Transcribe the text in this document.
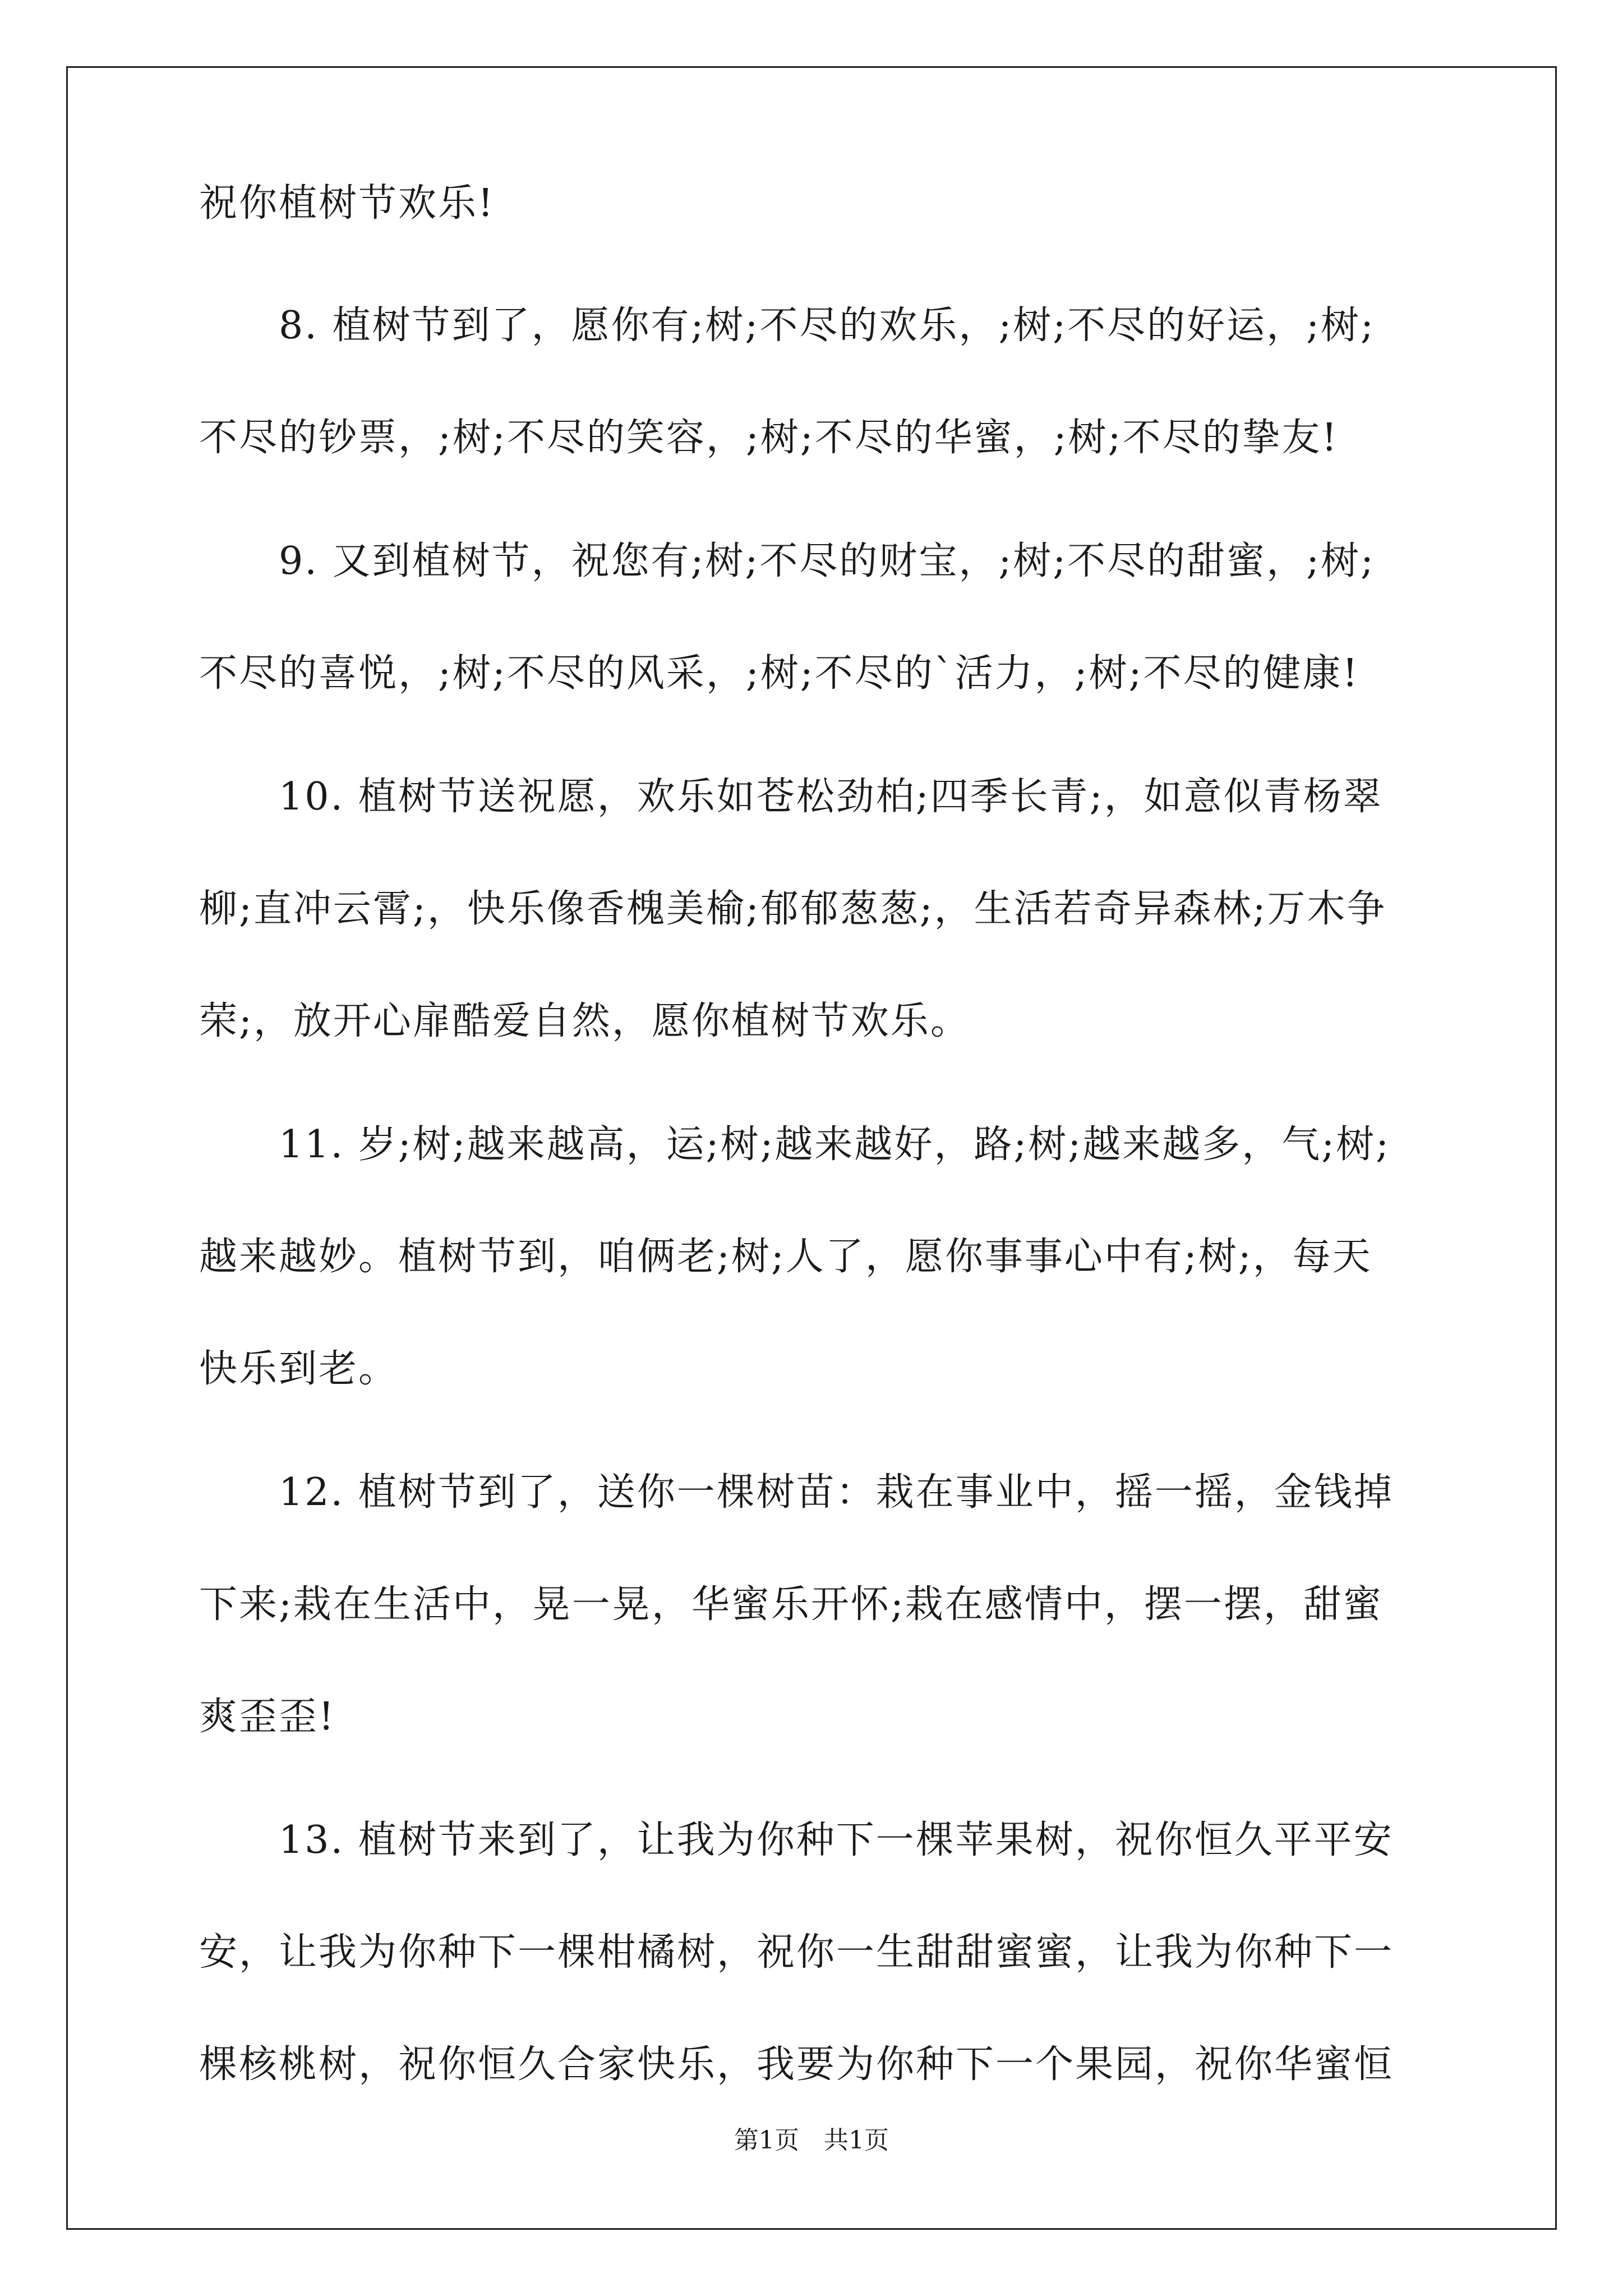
祝你植树节欢乐!
　　8. 植树节到了，愿你有;树;不尽的欢乐，;树;不尽的好运，;树;
不尽的钞票，;树;不尽的笑容，;树;不尽的华蜜，;树;不尽的挚友!
　　9. 又到植树节，祝您有;树;不尽的财宝，;树;不尽的甜蜜，;树;
不尽的喜悦，;树;不尽的风采，;树;不尽的`活力，;树;不尽的健康!
　　10. 植树节送祝愿，欢乐如苍松劲柏;四季长青;，如意似青杨翠
柳;直冲云霄;，快乐像香槐美榆;郁郁葱葱;，生活若奇异森林;万木争
荣;，放开心扉酷爱自然，愿你植树节欢乐。
　　11. 岁;树;越来越高，运;树;越来越好，路;树;越来越多，气;树;
越来越妙。植树节到，咱俩老;树;人了，愿你事事心中有;树;，每天
快乐到老。
　　12. 植树节到了，送你一棵树苗：栽在事业中，摇一摇，金钱掉
下来;栽在生活中，晃一晃，华蜜乐开怀;栽在感情中，摆一摆，甜蜜
爽歪歪!
　　13. 植树节来到了，让我为你种下一棵苹果树，祝你恒久平平安
安，让我为你种下一棵柑橘树，祝你一生甜甜蜜蜜，让我为你种下一
棵核桃树，祝你恒久合家快乐，我要为你种下一个果园，祝你华蜜恒
第1页　共1页
